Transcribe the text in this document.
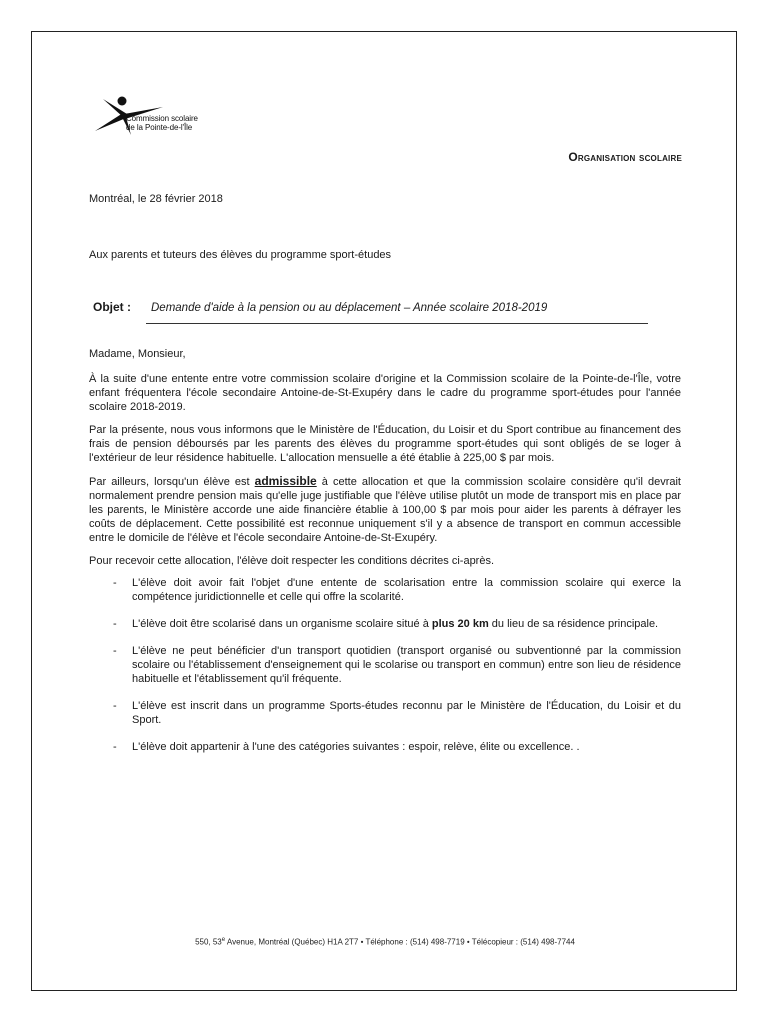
Commission scolaire
de la Pointe-de-l'Île
Organisation scolaire
Montréal, le 28 février 2018
Aux parents et tuteurs des élèves du programme sport-études
Objet : Demande d'aide à la pension ou au déplacement – Année scolaire 2018-2019

Madame, Monsieur,

À la suite d'une entente entre votre commission scolaire d'origine et la Commission scolaire de la Pointe-de-l'Île, votre enfant fréquentera l'école secondaire Antoine-de-St-Exupéry dans le cadre du programme sport-études pour l'année scolaire 2018-2019.

Par la présente, nous vous informons que le Ministère de l'Éducation, du Loisir et du Sport contribue au financement des frais de pension déboursés par les parents des élèves du programme sport-études qui sont obligés de se loger à l'extérieur de leur résidence habituelle. L'allocation mensuelle a été établie à 225,00 $ par mois.

Par ailleurs, lorsqu'un élève est admissible à cette allocation et que la commission scolaire considère qu'il devrait normalement prendre pension mais qu'elle juge justifiable que l'élève utilise plutôt un mode de transport mis en place par les parents, le Ministère accorde une aide financière établie à 100,00 $ par mois pour aider les parents à défrayer les coûts de déplacement. Cette possibilité est reconnue uniquement s'il y a absence de transport en commun accessible entre le domicile de l'élève et l'école secondaire Antoine-de-St-Exupéry.

Pour recevoir cette allocation, l'élève doit respecter les conditions décrites ci-après.

- L'élève doit avoir fait l'objet d'une entente de scolarisation entre la commission scolaire qui exerce la compétence juridictionnelle et celle qui offre la scolarité.
- L'élève doit être scolarisé dans un organisme scolaire situé à plus 20 km du lieu de sa résidence principale.
- L'élève ne peut bénéficier d'un transport quotidien (transport organisé ou subventionné par la commission scolaire ou l'établissement d'enseignement qui le scolarise ou transport en commun) entre son lieu de résidence habituelle et l'établissement qu'il fréquente.
- L'élève est inscrit dans un programme Sports-études reconnu par le Ministère de l'Éducation, du Loisir et du Sport.
- L'élève doit appartenir à l'une des catégories suivantes : espoir, relève, élite ou excellence. .
550, 53e Avenue, Montréal (Québec) H1A 2T7 • Téléphone : (514) 498-7719 • Télécopieur : (514) 498-7744
